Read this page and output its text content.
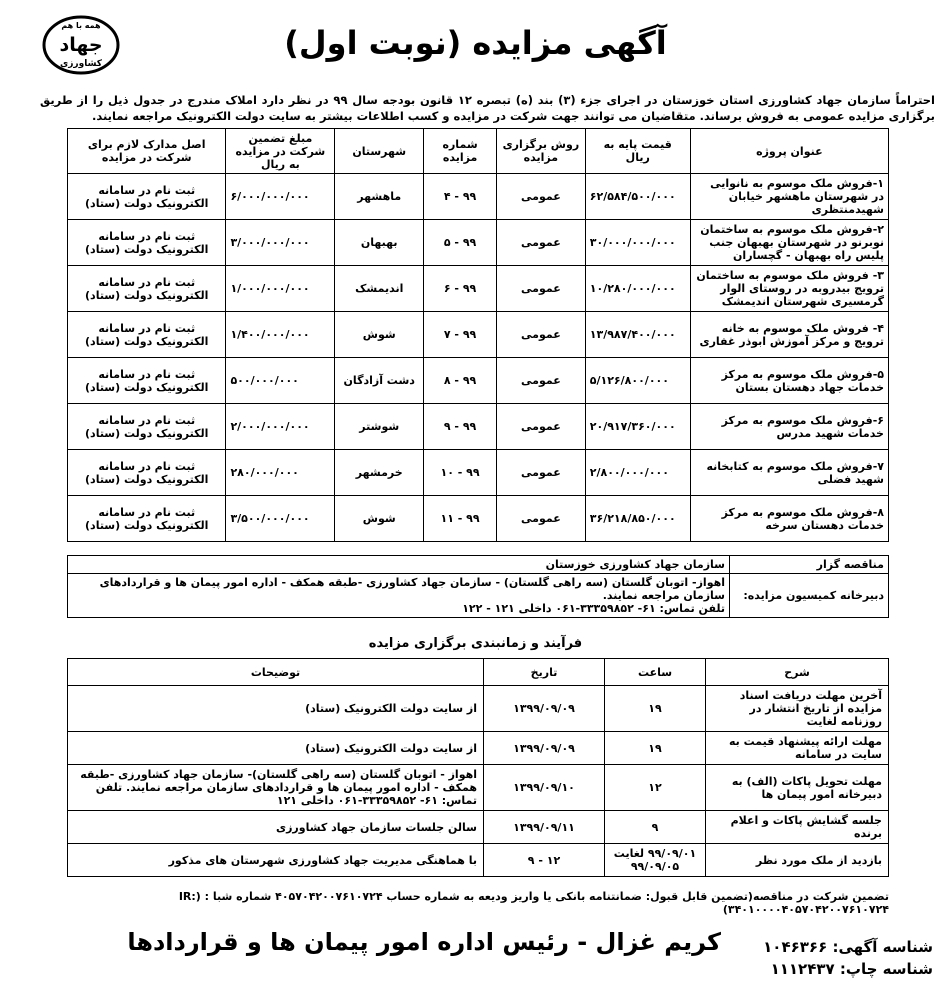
همه با هم
جهاد
کشاورزی
آگهی مزایده (نوبت اول)
احتراماً سازمان جهاد کشاورزی استان خوزستان در اجرای جزء (۳) بند (ه) تبصره ۱۲ قانون بودجه سال ۹۹ در نظر دارد املاک مندرج در جدول ذیل را از طریق برگزاری مزایده عمومی به فروش برساند. متقاضیان می توانند جهت شرکت در مزایده و کسب اطلاعات بیشتر به سایت دولت الکترونیک مراجعه نمایند.
عنوان پروژه	قیمت پایه به ریال	روش برگزاری مزایده	شماره مزایده	شهرستان	مبلغ تضمین شرکت در مزایده به ریال	اصل مدارک لازم برای شرکت در مزایده
۱-فروش ملک موسوم به نانوایی در شهرستان ماهشهر خیابان شهیدمنتظری	۶۲/۵۸۴/۵۰۰/۰۰۰	عمومی	۴ - ۹۹	ماهشهر	۶/۰۰۰/۰۰۰/۰۰۰	ثبت نام در سامانه الکترونیک دولت (ستاد)
۲-فروش ملک موسوم به ساختمان نوبرنو در شهرستان بهبهان جنب پلیس راه بهبهان - گچساران	۳۰/۰۰۰/۰۰۰/۰۰۰	عمومی	۵ - ۹۹	بهبهان	۳/۰۰۰/۰۰۰/۰۰۰	ثبت نام در سامانه الکترونیک دولت (ستاد)
۳- فروش ملک موسوم به ساختمان ترویج بیدروبه در روستای الوار گرمسیری شهرستان اندیمشک	۱۰/۲۸۰/۰۰۰/۰۰۰	عمومی	۶ - ۹۹	اندیمشک	۱/۰۰۰/۰۰۰/۰۰۰	ثبت نام در سامانه الکترونیک دولت (ستاد)
۴- فروش ملک موسوم به خانه ترویج و مرکز آموزش ابوذر غفاری	۱۳/۹۸۷/۴۰۰/۰۰۰	عمومی	۷ - ۹۹	شوش	۱/۴۰۰/۰۰۰/۰۰۰	ثبت نام در سامانه الکترونیک دولت (ستاد)
۵-فروش ملک موسوم به مرکز خدمات جهاد دهستان بستان	۵/۱۲۶/۸۰۰/۰۰۰	عمومی	۸ - ۹۹	دشت آزادگان	۵۰۰/۰۰۰/۰۰۰	ثبت نام در سامانه الکترونیک دولت (ستاد)
۶-فروش ملک موسوم به مرکز خدمات شهید مدرس	۲۰/۹۱۷/۳۶۰/۰۰۰	عمومی	۹ - ۹۹	شوشتر	۲/۰۰۰/۰۰۰/۰۰۰	ثبت نام در سامانه الکترونیک دولت (ستاد)
۷-فروش ملک موسوم به کتابخانه شهید فضلی	۲/۸۰۰/۰۰۰/۰۰۰	عمومی	۱۰ - ۹۹	خرمشهر	۲۸۰/۰۰۰/۰۰۰	ثبت نام در سامانه الکترونیک دولت (ستاد)
۸-فروش ملک موسوم به مرکز خدمات دهستان سرخه	۳۶/۲۱۸/۸۵۰/۰۰۰	عمومی	۱۱ - ۹۹	شوش	۳/۵۰۰/۰۰۰/۰۰۰	ثبت نام در سامانه الکترونیک دولت (ستاد)
مناقصه گزار	سازمان جهاد کشاورزی خوزستان
دبیرخانه کمیسیون مزایده:	اهواز- اتوبان گلستان (سه راهی گلستان) - سازمان جهاد کشاورزی -طبقه همکف - اداره امور پیمان ها و قراردادهای سازمان مراجعه نمایند.
تلفن تماس: ۶۱- ۳۳۳۵۹۸۵۲-۰۶۱ داخلی ۱۲۱ - ۱۲۲
فرآیند و زمانبندی برگزاری مزایده
شرح	ساعت	تاریخ	توضیحات
آخرین مهلت دریافت اسناد مزایده از تاریخ انتشار در روزنامه لغایت	۱۹	۱۳۹۹/۰۹/۰۹	از سایت دولت الکترونیک (ستاد)
مهلت ارائه پیشنهاد قیمت به سایت در سامانه	۱۹	۱۳۹۹/۰۹/۰۹	از سایت دولت الکترونیک (ستاد)
مهلت تحویل پاکات (الف) به دبیرخانه امور پیمان ها	۱۲	۱۳۹۹/۰۹/۱۰	اهواز - اتوبان گلستان (سه راهی گلستان)- سازمان جهاد کشاورزی -طبقه همکف - اداره امور پیمان ها و قراردادهای سازمان مراجعه نمایند. تلفن تماس: ۶۱- ۳۳۳۵۹۸۵۲-۰۶۱ داخلی ۱۲۱
جلسه گشایش پاکات و اعلام برنده	۹	۱۳۹۹/۰۹/۱۱	سالن جلسات سازمان جهاد کشاورزی
بازدید از ملک مورد نظر	۹۹/۰۹/۰۱ لغایت ۹۹/۰۹/۰۵	۱۲ - ۹	با هماهنگی مدیریت جهاد کشاورزی شهرستان های مذکور
تضمین شرکت در مناقصه(تضمین قابل قبول: ضمانتنامه بانکی یا واریز ودیعه به شماره حساب ۴۰۵۷۰۴۲۰۰۷۶۱۰۷۲۴ شماره شبا : (IR: ۳۴۰۱۰۰۰۰۴۰۵۷۰۴۲۰۰۷۶۱۰۷۲۴)
کریم غزال - رئیس اداره امور پیمان ها و قراردادها	شناسه آگهی: ۱۰۴۶۳۶۶
شناسه چاپ: ۱۱۱۲۴۳۷
